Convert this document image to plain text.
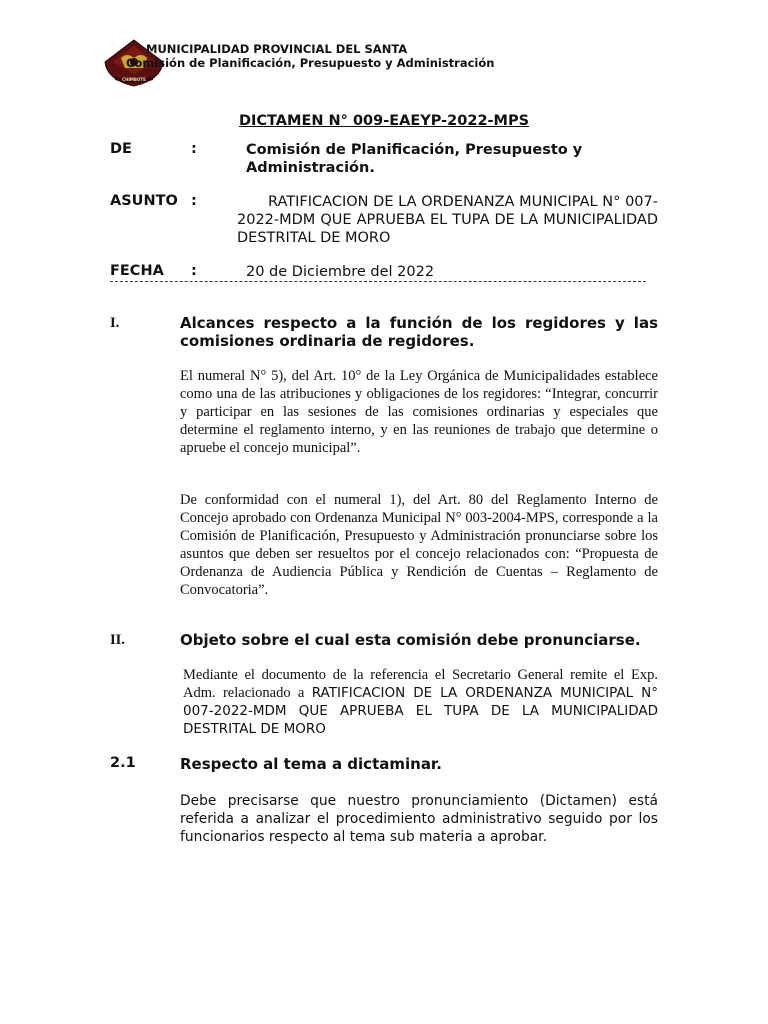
CHIMBOTE
MUNICIPALIDAD PROVINCIAL DEL SANTA
Comisión de Planificación, Presupuesto y Administración
DICTAMEN N° 009-EAEYP-2022-MPS
DE	:	Comisión de Planificación, Presupuesto y Administración.
ASUNTO :	RATIFICACION DE LA ORDENANZA MUNICIPAL N° 007-2022-MDM QUE APRUEBA EL TUPA DE LA MUNICIPALIDAD DESTRITAL DE MORO
FECHA :	20 de Diciembre del 2022
I.	Alcances respecto a la función de los regidores y las comisiones ordinaria de regidores.
El numeral N° 5), del Art. 10° de la Ley Orgánica de Municipalidades establece como una de las atribuciones y obligaciones de los regidores: “Integrar, concurrir y participar en las sesiones de las comisiones ordinarias y especiales que determine el reglamento interno, y en las reuniones de trabajo que determine o apruebe el concejo municipal”.
De conformidad con el numeral 1), del Art. 80 del Reglamento Interno de Concejo aprobado con Ordenanza Municipal N° 003-2004-MPS, corresponde a la Comisión de Planificación, Presupuesto y Administración pronunciarse sobre los asuntos que deben ser resueltos por el concejo relacionados con: “Propuesta de Ordenanza de Audiencia Pública y Rendición de Cuentas – Reglamento de Convocatoria”.
II.	Objeto sobre el cual esta comisión debe pronunciarse.
Mediante el documento de la referencia el Secretario General remite el Exp. Adm. relacionado a RATIFICACION DE LA ORDENANZA MUNICIPAL N° 007-2022-MDM QUE APRUEBA EL TUPA DE LA MUNICIPALIDAD DESTRITAL DE MORO
2.1	Respecto al tema a dictaminar.
Debe precisarse que nuestro pronunciamiento (Dictamen) está referida a analizar el procedimiento administrativo seguido por los funcionarios respecto al tema sub materia a aprobar.
